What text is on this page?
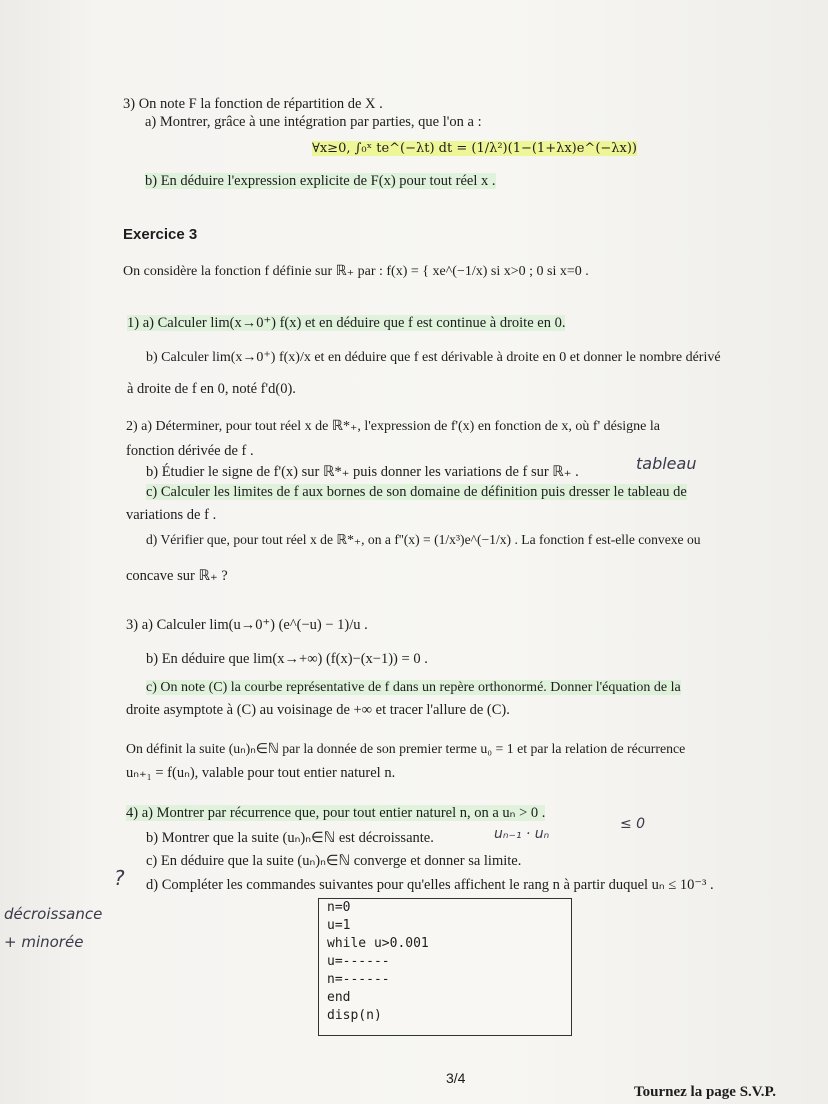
3) On note F la fonction de répartition de X .
a) Montrer, grâce à une intégration par parties, que l'on a :
∀x≥0, ∫₀ˣ te^(−λt) dt = (1/λ²)(1−(1+λx)e^(−λx))
b) En déduire l'expression explicite de F(x) pour tout réel x .
Exercice 3
On considère la fonction f définie sur ℝ₊ par : f(x) = { xe^(−1/x) si x>0 ; 0 si x=0 .
1) a) Calculer lim(x→0⁺) f(x) et en déduire que f est continue à droite en 0.
b) Calculer lim(x→0⁺) f(x)/x et en déduire que f est dérivable à droite en 0 et donner le nombre dérivé
à droite de f en 0, noté f'd(0).
2) a) Déterminer, pour tout réel x de ℝ*₊, l'expression de f'(x) en fonction de x, où f' désigne la
fonction dérivée de f .
b) Étudier le signe de f'(x) sur ℝ*₊ puis donner les variations de f sur ℝ₊ .
c) Calculer les limites de f aux bornes de son domaine de définition puis dresser le tableau de
variations de f .
d) Vérifier que, pour tout réel x de ℝ*₊, on a f''(x) = (1/x³)e^(−1/x) . La fonction f est-elle convexe ou
concave sur ℝ₊ ?
3) a) Calculer lim(u→0⁺) (e^(−u) − 1)/u .
b) En déduire que lim(x→+∞) (f(x)−(x−1)) = 0 .
c) On note (C) la courbe représentative de f dans un repère orthonormé. Donner l'équation de la
droite asymptote à (C) au voisinage de +∞ et tracer l'allure de (C).
On définit la suite (uₙ)ₙ∈ℕ par la donnée de son premier terme u₀ = 1 et par la relation de récurrence
uₙ₊₁ = f(uₙ), valable pour tout entier naturel n.
4) a) Montrer par récurrence que, pour tout entier naturel n, on a uₙ > 0 .
b) Montrer que la suite (uₙ)ₙ∈ℕ est décroissante.
c) En déduire que la suite (uₙ)ₙ∈ℕ converge et donner sa limite.
d) Compléter les commandes suivantes pour qu'elles affichent le rang n à partir duquel uₙ ≤ 10⁻³ .
n=0
u=1
while u>0.001
u=------
n=------
end
disp(n)
tableau
uₙ₋₁ · uₙ
≤ 0
?
décroissance
+ minorée
3/4
Tournez la page S.V.P.
